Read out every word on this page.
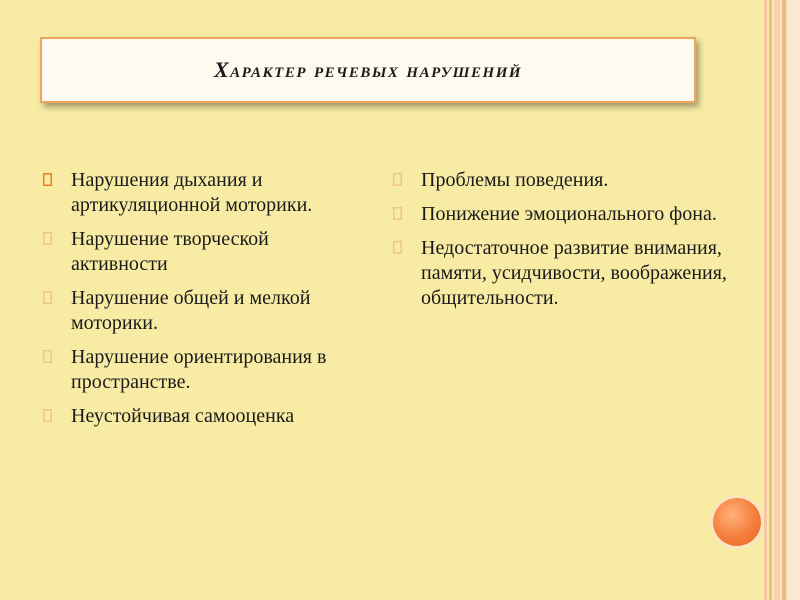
Характер речевых нарушений
Нарушения дыхания и артикуляционной моторики.
Нарушение творческой активности
Нарушение общей и мелкой моторики.
Нарушение ориентирования в пространстве.
Неустойчивая самооценка
Проблемы поведения.
Понижение эмоционального фона.
Недостаточное развитие внимания, памяти, усидчивости, воображения, общительности.
